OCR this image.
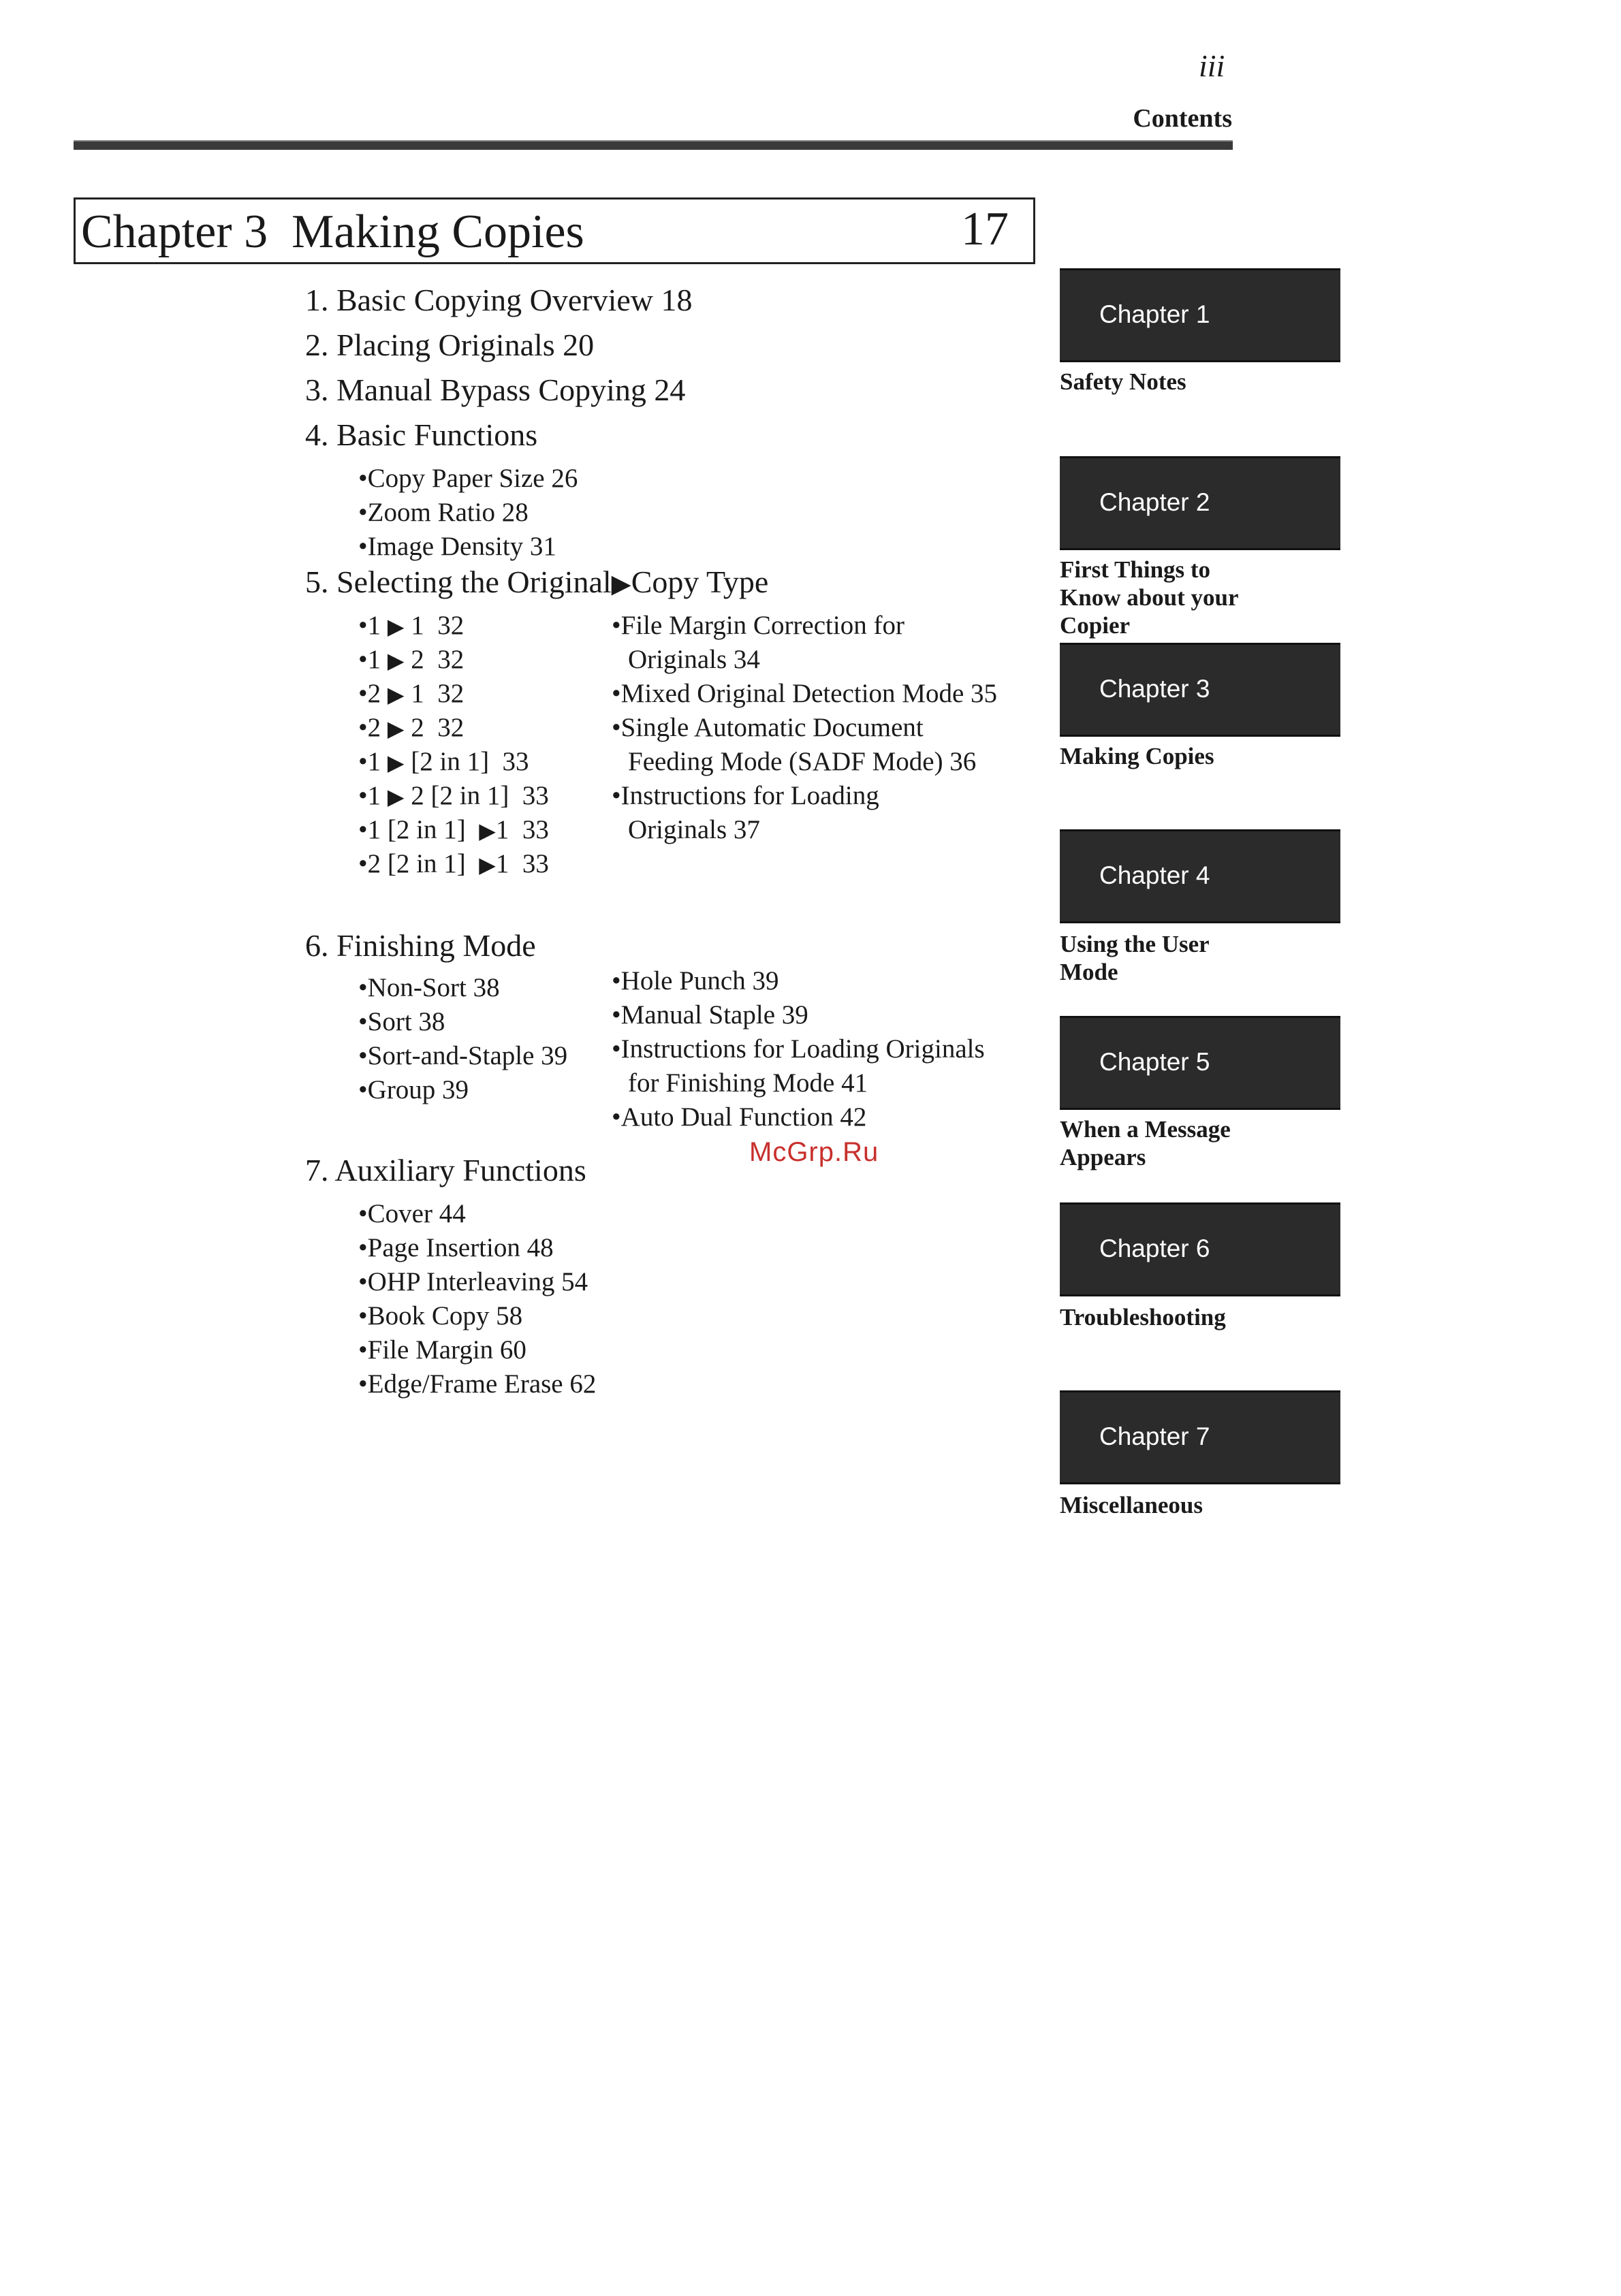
iii
Contents
Chapter 3  Making Copies	17
1. Basic Copying Overview 18
2. Placing Originals 20
3. Manual Bypass Copying 24
4. Basic Functions
•Copy Paper Size 26
•Zoom Ratio 28
•Image Density 31
5. Selecting the Original▶Copy Type
•1 ▶ 1  32
•1 ▶ 2  32
•2 ▶ 1  32
•2 ▶ 2  32
•1 ▶ [2 in 1]  33
•1 ▶ 2 [2 in 1]  33
•1 [2 in 1]  ▶1  33
•2 [2 in 1]  ▶1  33
•File Margin Correction for
Originals 34
•Mixed Original Detection Mode 35
•Single Automatic Document
Feeding Mode (SADF Mode) 36
•Instructions for Loading
Originals 37
6. Finishing Mode
•Non-Sort 38
•Sort 38
•Sort-and-Staple 39
•Group 39
•Hole Punch 39
•Manual Staple 39
•Instructions for Loading Originals
for Finishing Mode 41
•Auto Dual Function 42
7. Auxiliary Functions
•Cover 44
•Page Insertion 48
•OHP Interleaving 54
•Book Copy 58
•File Margin 60
•Edge/Frame Erase 62
McGrp.Ru
Chapter 1
Safety Notes
Chapter 2
First Things to Know about your Copier
Chapter 3
Making Copies
Chapter 4
Using the User Mode
Chapter 5
When a Message Appears
Chapter 6
Troubleshooting
Chapter 7
Miscellaneous
